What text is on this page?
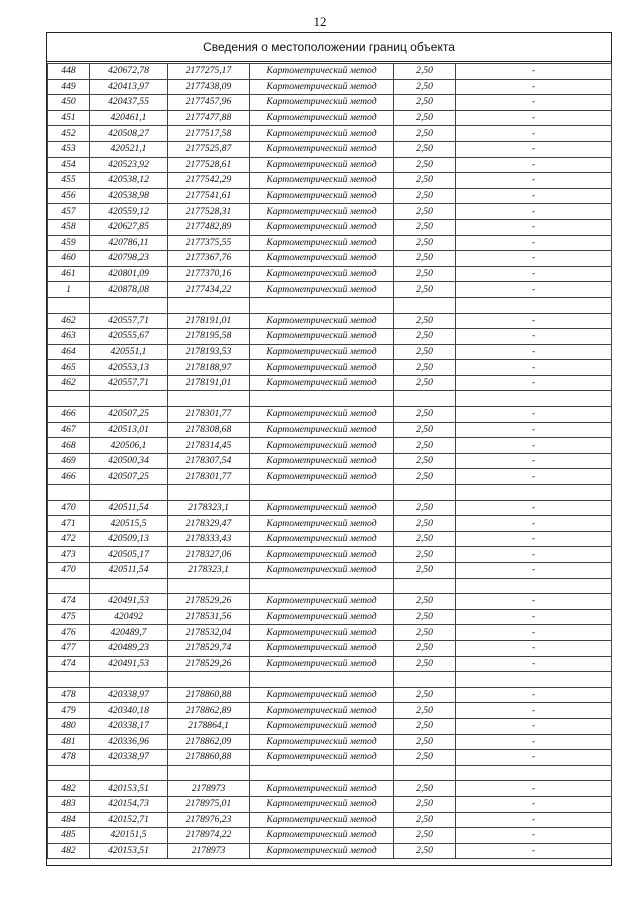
12
Сведения о местоположении границ объекта
448	420672,78	2177275,17	Картометрический метод	2,50	-
449	420413,97	2177438,09	Картометрический метод	2,50	-
450	420437,55	2177457,96	Картометрический метод	2,50	-
451	420461,1	2177477,88	Картометрический метод	2,50	-
452	420508,27	2177517,58	Картометрический метод	2,50	-
453	420521,1	2177525,87	Картометрический метод	2,50	-
454	420523,92	2177528,61	Картометрический метод	2,50	-
455	420538,12	2177542,29	Картометрический метод	2,50	-
456	420538,98	2177541,61	Картометрический метод	2,50	-
457	420559,12	2177528,31	Картометрический метод	2,50	-
458	420627,85	2177482,89	Картометрический метод	2,50	-
459	420786,11	2177375,55	Картометрический метод	2,50	-
460	420798,23	2177367,76	Картометрический метод	2,50	-
461	420801,09	2177370,16	Картометрический метод	2,50	-
1	420878,08	2177434,22	Картометрический метод	2,50	-

462	420557,71	2178191,01	Картометрический метод	2,50	-
463	420555,67	2178195,58	Картометрический метод	2,50	-
464	420551,1	2178193,53	Картометрический метод	2,50	-
465	420553,13	2178188,97	Картометрический метод	2,50	-
462	420557,71	2178191,01	Картометрический метод	2,50	-

466	420507,25	2178301,77	Картометрический метод	2,50	-
467	420513,01	2178308,68	Картометрический метод	2,50	-
468	420506,1	2178314,45	Картометрический метод	2,50	-
469	420500,34	2178307,54	Картометрический метод	2,50	-
466	420507,25	2178301,77	Картометрический метод	2,50	-

470	420511,54	2178323,1	Картометрический метод	2,50	-
471	420515,5	2178329,47	Картометрический метод	2,50	-
472	420509,13	2178333,43	Картометрический метод	2,50	-
473	420505,17	2178327,06	Картометрический метод	2,50	-
470	420511,54	2178323,1	Картометрический метод	2,50	-

474	420491,53	2178529,26	Картометрический метод	2,50	-
475	420492	2178531,56	Картометрический метод	2,50	-
476	420489,7	2178532,04	Картометрический метод	2,50	-
477	420489,23	2178529,74	Картометрический метод	2,50	-
474	420491,53	2178529,26	Картометрический метод	2,50	-

478	420338,97	2178860,88	Картометрический метод	2,50	-
479	420340,18	2178862,89	Картометрический метод	2,50	-
480	420338,17	2178864,1	Картометрический метод	2,50	-
481	420336,96	2178862,09	Картометрический метод	2,50	-
478	420338,97	2178860,88	Картометрический метод	2,50	-

482	420153,51	2178973	Картометрический метод	2,50	-
483	420154,73	2178975,01	Картометрический метод	2,50	-
484	420152,71	2178976,23	Картометрический метод	2,50	-
485	420151,5	2178974,22	Картометрический метод	2,50	-
482	420153,51	2178973	Картометрический метод	2,50	-
